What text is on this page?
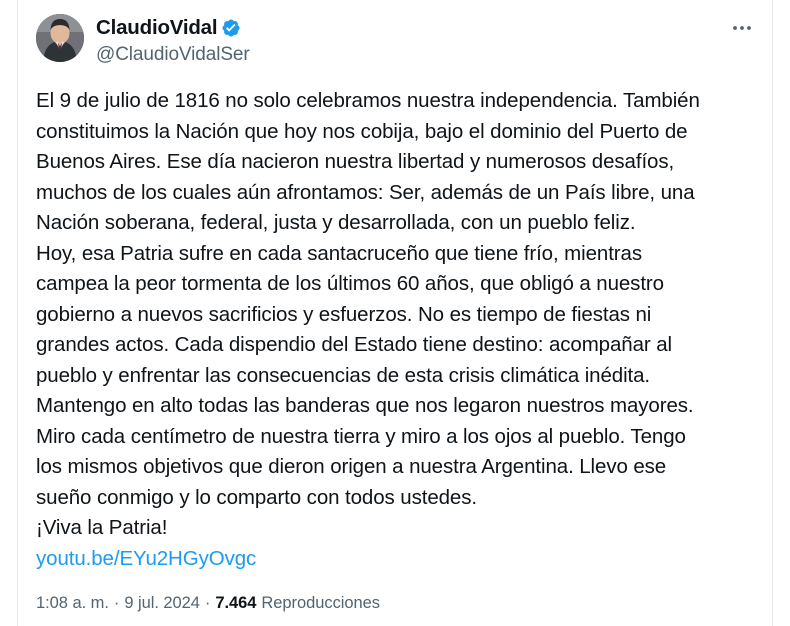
ClaudioVidal
@ClaudioVidalSer

El 9 de julio de 1816 no solo celebramos nuestra independencia. También

constituimos la Nación que hoy nos cobija, bajo el dominio del Puerto de

Buenos Aires. Ese día nacieron nuestra libertad y numerosos desafíos,

muchos de los cuales aún afrontamos: Ser, además de un País libre, una

Nación soberana, federal, justa y desarrollada, con un pueblo feliz.

Hoy, esa Patria sufre en cada santacruceño que tiene frío, mientras

campea la peor tormenta de los últimos 60 años, que obligó a nuestro

gobierno a nuevos sacrificios y esfuerzos. No es tiempo de fiestas ni

grandes actos. Cada dispendio del Estado tiene destino: acompañar al

pueblo y enfrentar las consecuencias de esta crisis climática inédita.

Mantengo en alto todas las banderas que nos legaron nuestros mayores.

Miro cada centímetro de nuestra tierra y miro a los ojos al pueblo. Tengo

los mismos objetivos que dieron origen a nuestra Argentina. Llevo ese

sueño conmigo y lo comparto con todos ustedes.

¡Viva la Patria!

youtu.be/EYu2HGyOvgc

1:08 a. m. · 9 jul. 2024 · 7.464 Reproducciones
